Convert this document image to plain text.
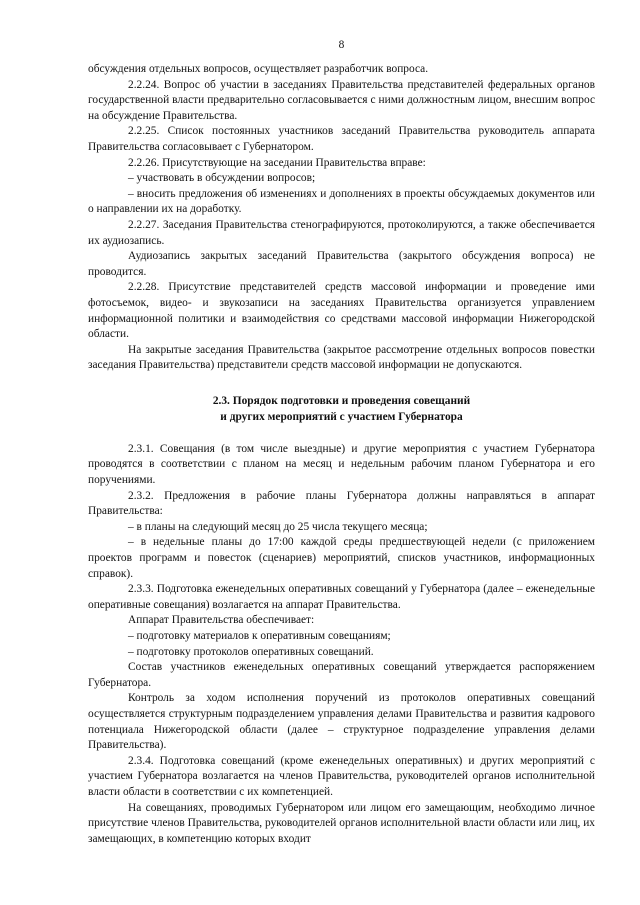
8

обсуждения отдельных вопросов, осуществляет разработчик вопроса.

2.2.24. Вопрос об участии в заседаниях Правительства представителей федеральных органов государственной власти предварительно согласовывается с ними должностным лицом, внесшим вопрос на обсуждение Правительства.

2.2.25. Список постоянных участников заседаний Правительства руководитель аппарата Правительства согласовывает с Губернатором.

2.2.26. Присутствующие на заседании Правительства вправе:

– участвовать в обсуждении вопросов;

– вносить предложения об изменениях и дополнениях в проекты обсуждаемых документов или о направлении их на доработку.

2.2.27. Заседания Правительства стенографируются, протоколируются, а также обеспечивается их аудиозапись.

Аудиозапись закрытых заседаний Правительства (закрытого обсуждения вопроса) не проводится.

2.2.28. Присутствие представителей средств массовой информации и проведение ими фотосъемок, видео- и звукозаписи на заседаниях Правительства организуется управлением информационной политики и взаимодействия со средствами массовой информации Нижегородской области.

На закрытые заседания Правительства (закрытое рассмотрение отдельных вопросов повестки заседания Правительства) представители средств массовой информации не допускаются.

2.3. Порядок подготовки и проведения совещаний
и других мероприятий с участием Губернатора

2.3.1. Совещания (в том числе выездные) и другие мероприятия с участием Губернатора проводятся в соответствии с планом на месяц и недельным рабочим планом Губернатора и его поручениями.

2.3.2. Предложения в рабочие планы Губернатора должны направляться в аппарат Правительства:

– в планы на следующий месяц до 25 числа текущего месяца;

– в недельные планы до 17:00 каждой среды предшествующей недели (с приложением проектов программ и повесток (сценариев) мероприятий, списков участников, информационных справок).

2.3.3. Подготовка еженедельных оперативных совещаний у Губернатора (далее – еженедельные оперативные совещания) возлагается на аппарат Правительства.

Аппарат Правительства обеспечивает:

– подготовку материалов к оперативным совещаниям;

– подготовку протоколов оперативных совещаний.

Состав участников еженедельных оперативных совещаний утверждается распоряжением Губернатора.

Контроль за ходом исполнения поручений из протоколов оперативных совещаний осуществляется структурным подразделением управления делами Правительства и развития кадрового потенциала Нижегородской области (далее – структурное подразделение управления делами Правительства).

2.3.4. Подготовка совещаний (кроме еженедельных оперативных) и других мероприятий с участием Губернатора возлагается на членов Правительства, руководителей органов исполнительной власти области в соответствии с их компетенцией.

На совещаниях, проводимых Губернатором или лицом его замещающим, необходимо личное присутствие членов Правительства, руководителей органов исполнительной власти области или лиц, их замещающих, в компетенцию которых входит
